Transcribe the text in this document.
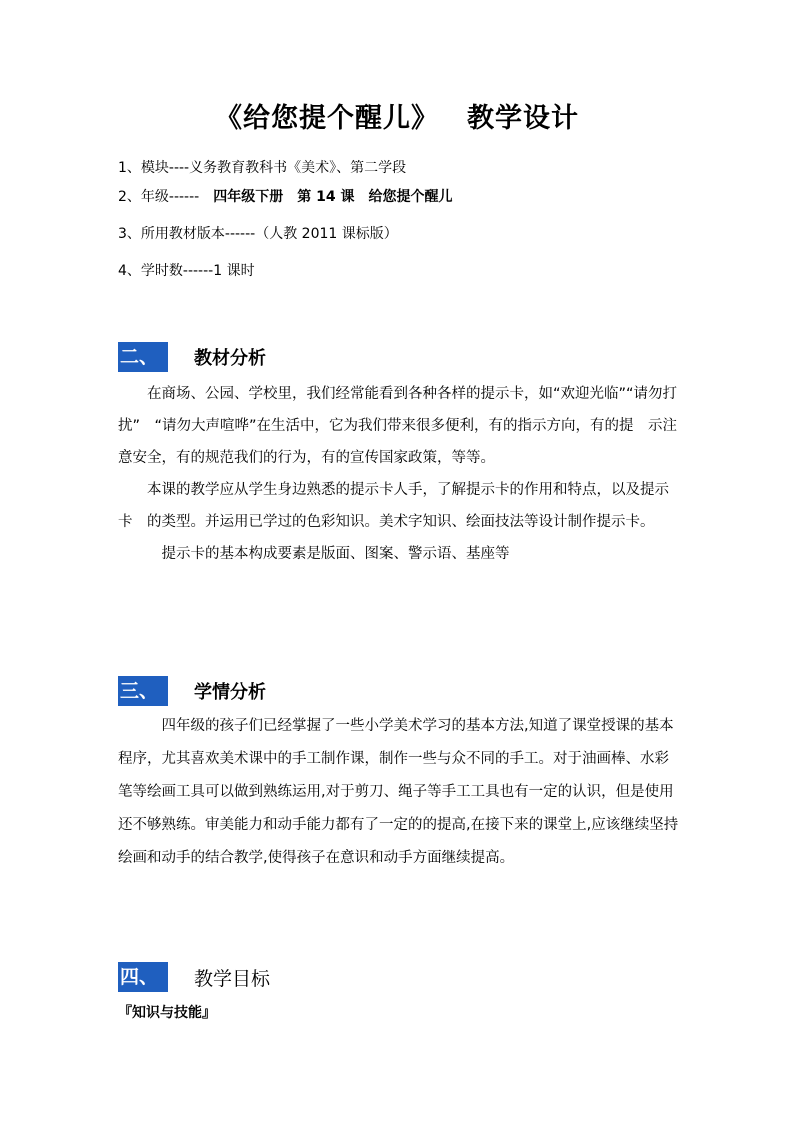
《给您提个醒儿》 教学设计
1、模块----义务教育教科书《美术》、第二学段
2、年级------　 四年级下册　第 14 课　给您提个醒儿
3、所用教材版本------（人教 2011 课标版）
4、学时数------1 课时
二、	教材分析

　　在商场、公园、学校里，我们经常能看到各种各样的提示卡，如“欢迎光临”“请勿打扰”　“请勿大声喧哗”在生活中，它为我们带来很多便利，有的指示方向，有的提　示注意安全，有的规范我们的行为，有的宣传国家政策，等等。

　　本课的教学应从学生身边熟悉的提示卡人手，了解提示卡的作用和特点，以及提示卡　的类型。并运用已学过的色彩知识。美术字知识、绘面技法等设计制作提示卡。

　　　提示卡的基本构成要素是版面、图案、警示语、基座等

三、	学情分析

　　　四年级的孩子们已经掌握了一些小学美术学习的基本方法,知道了课堂授课的基本程序，尤其喜欢美术课中的手工制作课，制作一些与众不同的手工。对于油画棒、水彩笔等绘画工具可以做到熟练运用,对于剪刀、绳子等手工工具也有一定的认识，但是使用还不够熟练。审美能力和动手能力都有了一定的的提高,在接下来的课堂上,应该继续坚持绘画和动手的结合教学,使得孩子在意识和动手方面继续提高。

四、	教学目标
『知识与技能』
